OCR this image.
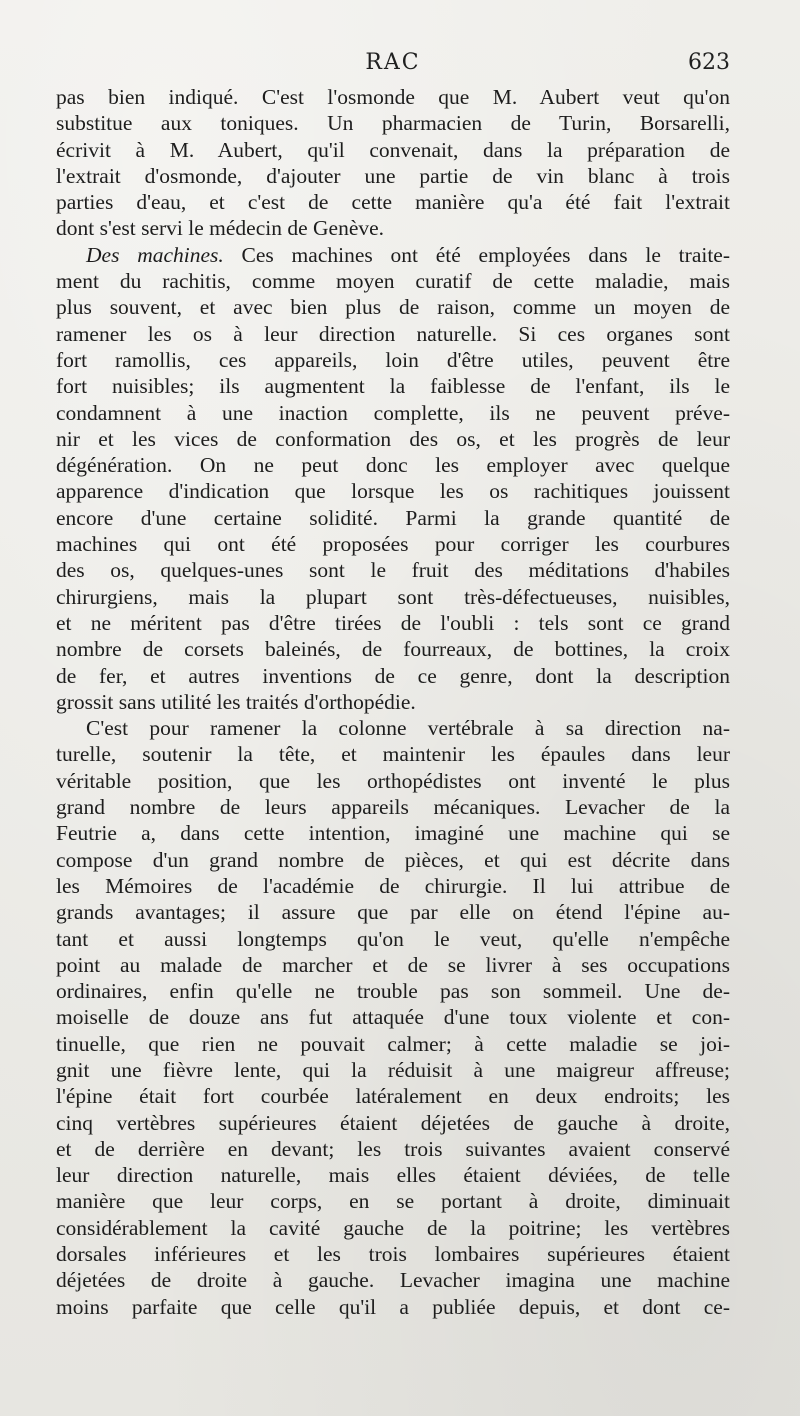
RAC	623
pas bien indiqué. C'est l'osmonde que M. Aubert veut qu'on
substitue aux toniques. Un pharmacien de Turin, Borsarelli,
écrivit à M. Aubert, qu'il convenait, dans la préparation de
l'extrait d'osmonde, d'ajouter une partie de vin blanc à trois
parties d'eau, et c'est de cette manière qu'a été fait l'extrait
dont s'est servi le médecin de Genève.
Des machines. Ces machines ont été employées dans le traite-
ment du rachitis, comme moyen curatif de cette maladie, mais
plus souvent, et avec bien plus de raison, comme un moyen de
ramener les os à leur direction naturelle. Si ces organes sont
fort ramollis, ces appareils, loin d'être utiles, peuvent être
fort nuisibles; ils augmentent la faiblesse de l'enfant, ils le
condamnent à une inaction complette, ils ne peuvent préve-
nir et les vices de conformation des os, et les progrès de leur
dégénération. On ne peut donc les employer avec quelque
apparence d'indication que lorsque les os rachitiques jouissent
encore d'une certaine solidité. Parmi la grande quantité de
machines qui ont été proposées pour corriger les courbures
des os, quelques-unes sont le fruit des méditations d'habiles
chirurgiens, mais la plupart sont très-défectueuses, nuisibles,
et ne méritent pas d'être tirées de l'oubli : tels sont ce grand
nombre de corsets baleinés, de fourreaux, de bottines, la croix
de fer, et autres inventions de ce genre, dont la description
grossit sans utilité les traités d'orthopédie.
C'est pour ramener la colonne vertébrale à sa direction na-
turelle, soutenir la tête, et maintenir les épaules dans leur
véritable position, que les orthopédistes ont inventé le plus
grand nombre de leurs appareils mécaniques. Levacher de la
Feutrie a, dans cette intention, imaginé une machine qui se
compose d'un grand nombre de pièces, et qui est décrite dans
les Mémoires de l'académie de chirurgie. Il lui attribue de
grands avantages; il assure que par elle on étend l'épine au-
tant et aussi longtemps qu'on le veut, qu'elle n'empêche
point au malade de marcher et de se livrer à ses occupations
ordinaires, enfin qu'elle ne trouble pas son sommeil. Une de-
moiselle de douze ans fut attaquée d'une toux violente et con-
tinuelle, que rien ne pouvait calmer; à cette maladie se joi-
gnit une fièvre lente, qui la réduisit à une maigreur affreuse;
l'épine était fort courbée latéralement en deux endroits; les
cinq vertèbres supérieures étaient déjetées de gauche à droite,
et de derrière en devant; les trois suivantes avaient conservé
leur direction naturelle, mais elles étaient déviées, de telle
manière que leur corps, en se portant à droite, diminuait
considérablement la cavité gauche de la poitrine; les vertèbres
dorsales inférieures et les trois lombaires supérieures étaient
déjetées de droite à gauche. Levacher imagina une machine
moins parfaite que celle qu'il a publiée depuis, et dont ce-
